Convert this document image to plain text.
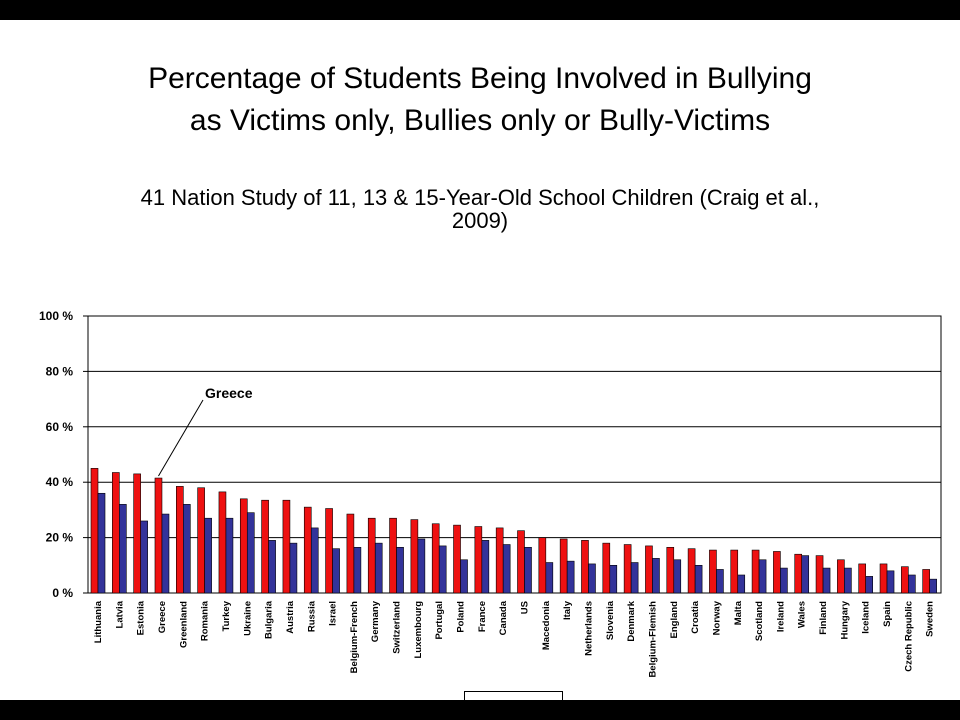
Percentage of Students Being Involved in Bullying
as Victims only, Bullies only or Bully-Victims
41 Nation Study of 11, 13 & 15-Year-Old School Children (Craig et al.,
2009)
0 %
20 %
40 %
60 %
80 %
100 %
Lithuania Latvia Estonia Greece Greenland Romania Turkey Ukraine Bulgaria Austria Russia Israel Belgium-French Germany Switzerland Luxembourg Portugal Poland France Canada US Macedonia Italy Netherlands Slovenia Denmark Belgium-Flemish England Croatia Norway Malta Scotland Ireland Wales Finland Hungary Iceland Spain Czech Republic Sweden
Greece
